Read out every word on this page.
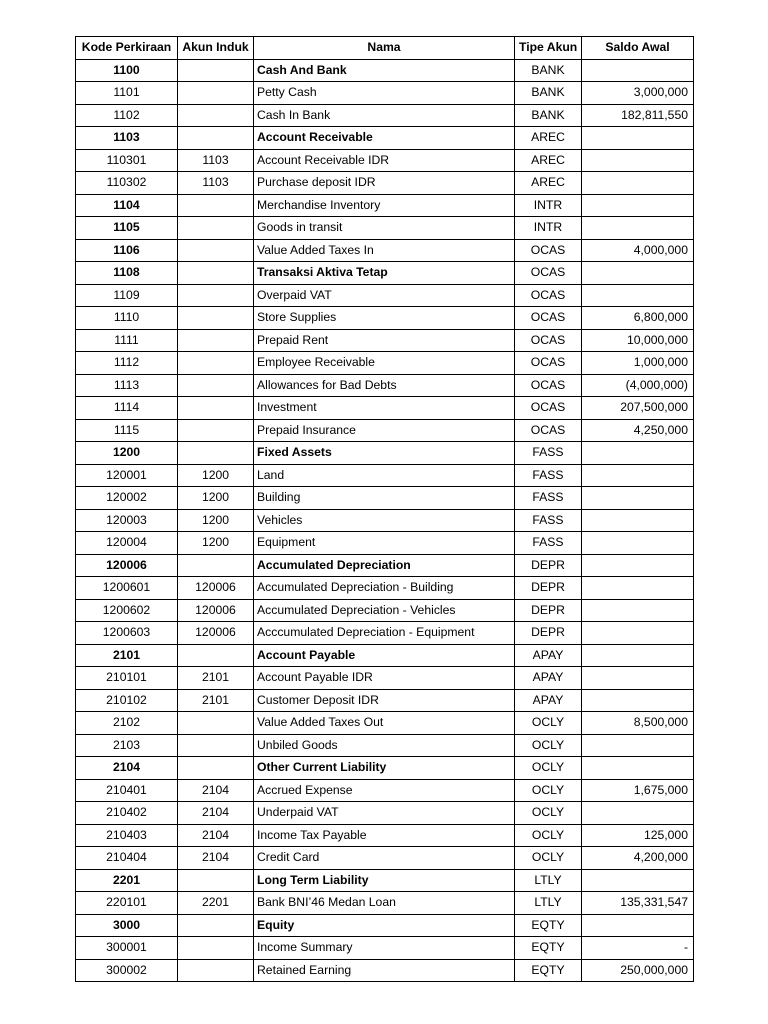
Kode Perkiraan	Akun Induk	Nama	Tipe Akun	Saldo Awal
1100		Cash And Bank	BANK	
1101		Petty Cash	BANK	3,000,000
1102		Cash In Bank	BANK	182,811,550
1103		Account Receivable	AREC	
110301	1103	Account Receivable IDR	AREC	
110302	1103	Purchase deposit IDR	AREC	
1104		Merchandise Inventory	INTR	
1105		Goods in transit	INTR	
1106		Value Added Taxes In	OCAS	4,000,000
1108		Transaksi Aktiva Tetap	OCAS	
1109		Overpaid VAT	OCAS	
1110		Store Supplies	OCAS	6,800,000
1111		Prepaid Rent	OCAS	10,000,000
1112		Employee Receivable	OCAS	1,000,000
1113		Allowances for Bad Debts	OCAS	(4,000,000)
1114		Investment	OCAS	207,500,000
1115		Prepaid Insurance	OCAS	4,250,000
1200		Fixed Assets	FASS	
120001	1200	Land	FASS	
120002	1200	Building	FASS	
120003	1200	Vehicles	FASS	
120004	1200	Equipment	FASS	
120006		Accumulated Depreciation	DEPR	
1200601	120006	Accumulated Depreciation - Building	DEPR	
1200602	120006	Accumulated Depreciation - Vehicles	DEPR	
1200603	120006	Acccumulated Depreciation - Equipment	DEPR	
2101		Account Payable	APAY	
210101	2101	Account Payable IDR	APAY	
210102	2101	Customer Deposit IDR	APAY	
2102		Value Added Taxes Out	OCLY	8,500,000
2103		Unbiled Goods	OCLY	
2104		Other Current Liability	OCLY	
210401	2104	Accrued Expense	OCLY	1,675,000
210402	2104	Underpaid VAT	OCLY	
210403	2104	Income Tax Payable	OCLY	125,000
210404	2104	Credit Card	OCLY	4,200,000
2201		Long Term Liability	LTLY	
220101	2201	Bank BNI’46 Medan Loan	LTLY	135,331,547
3000		Equity	EQTY	
300001		Income Summary	EQTY	-
300002		Retained Earning	EQTY	250,000,000
